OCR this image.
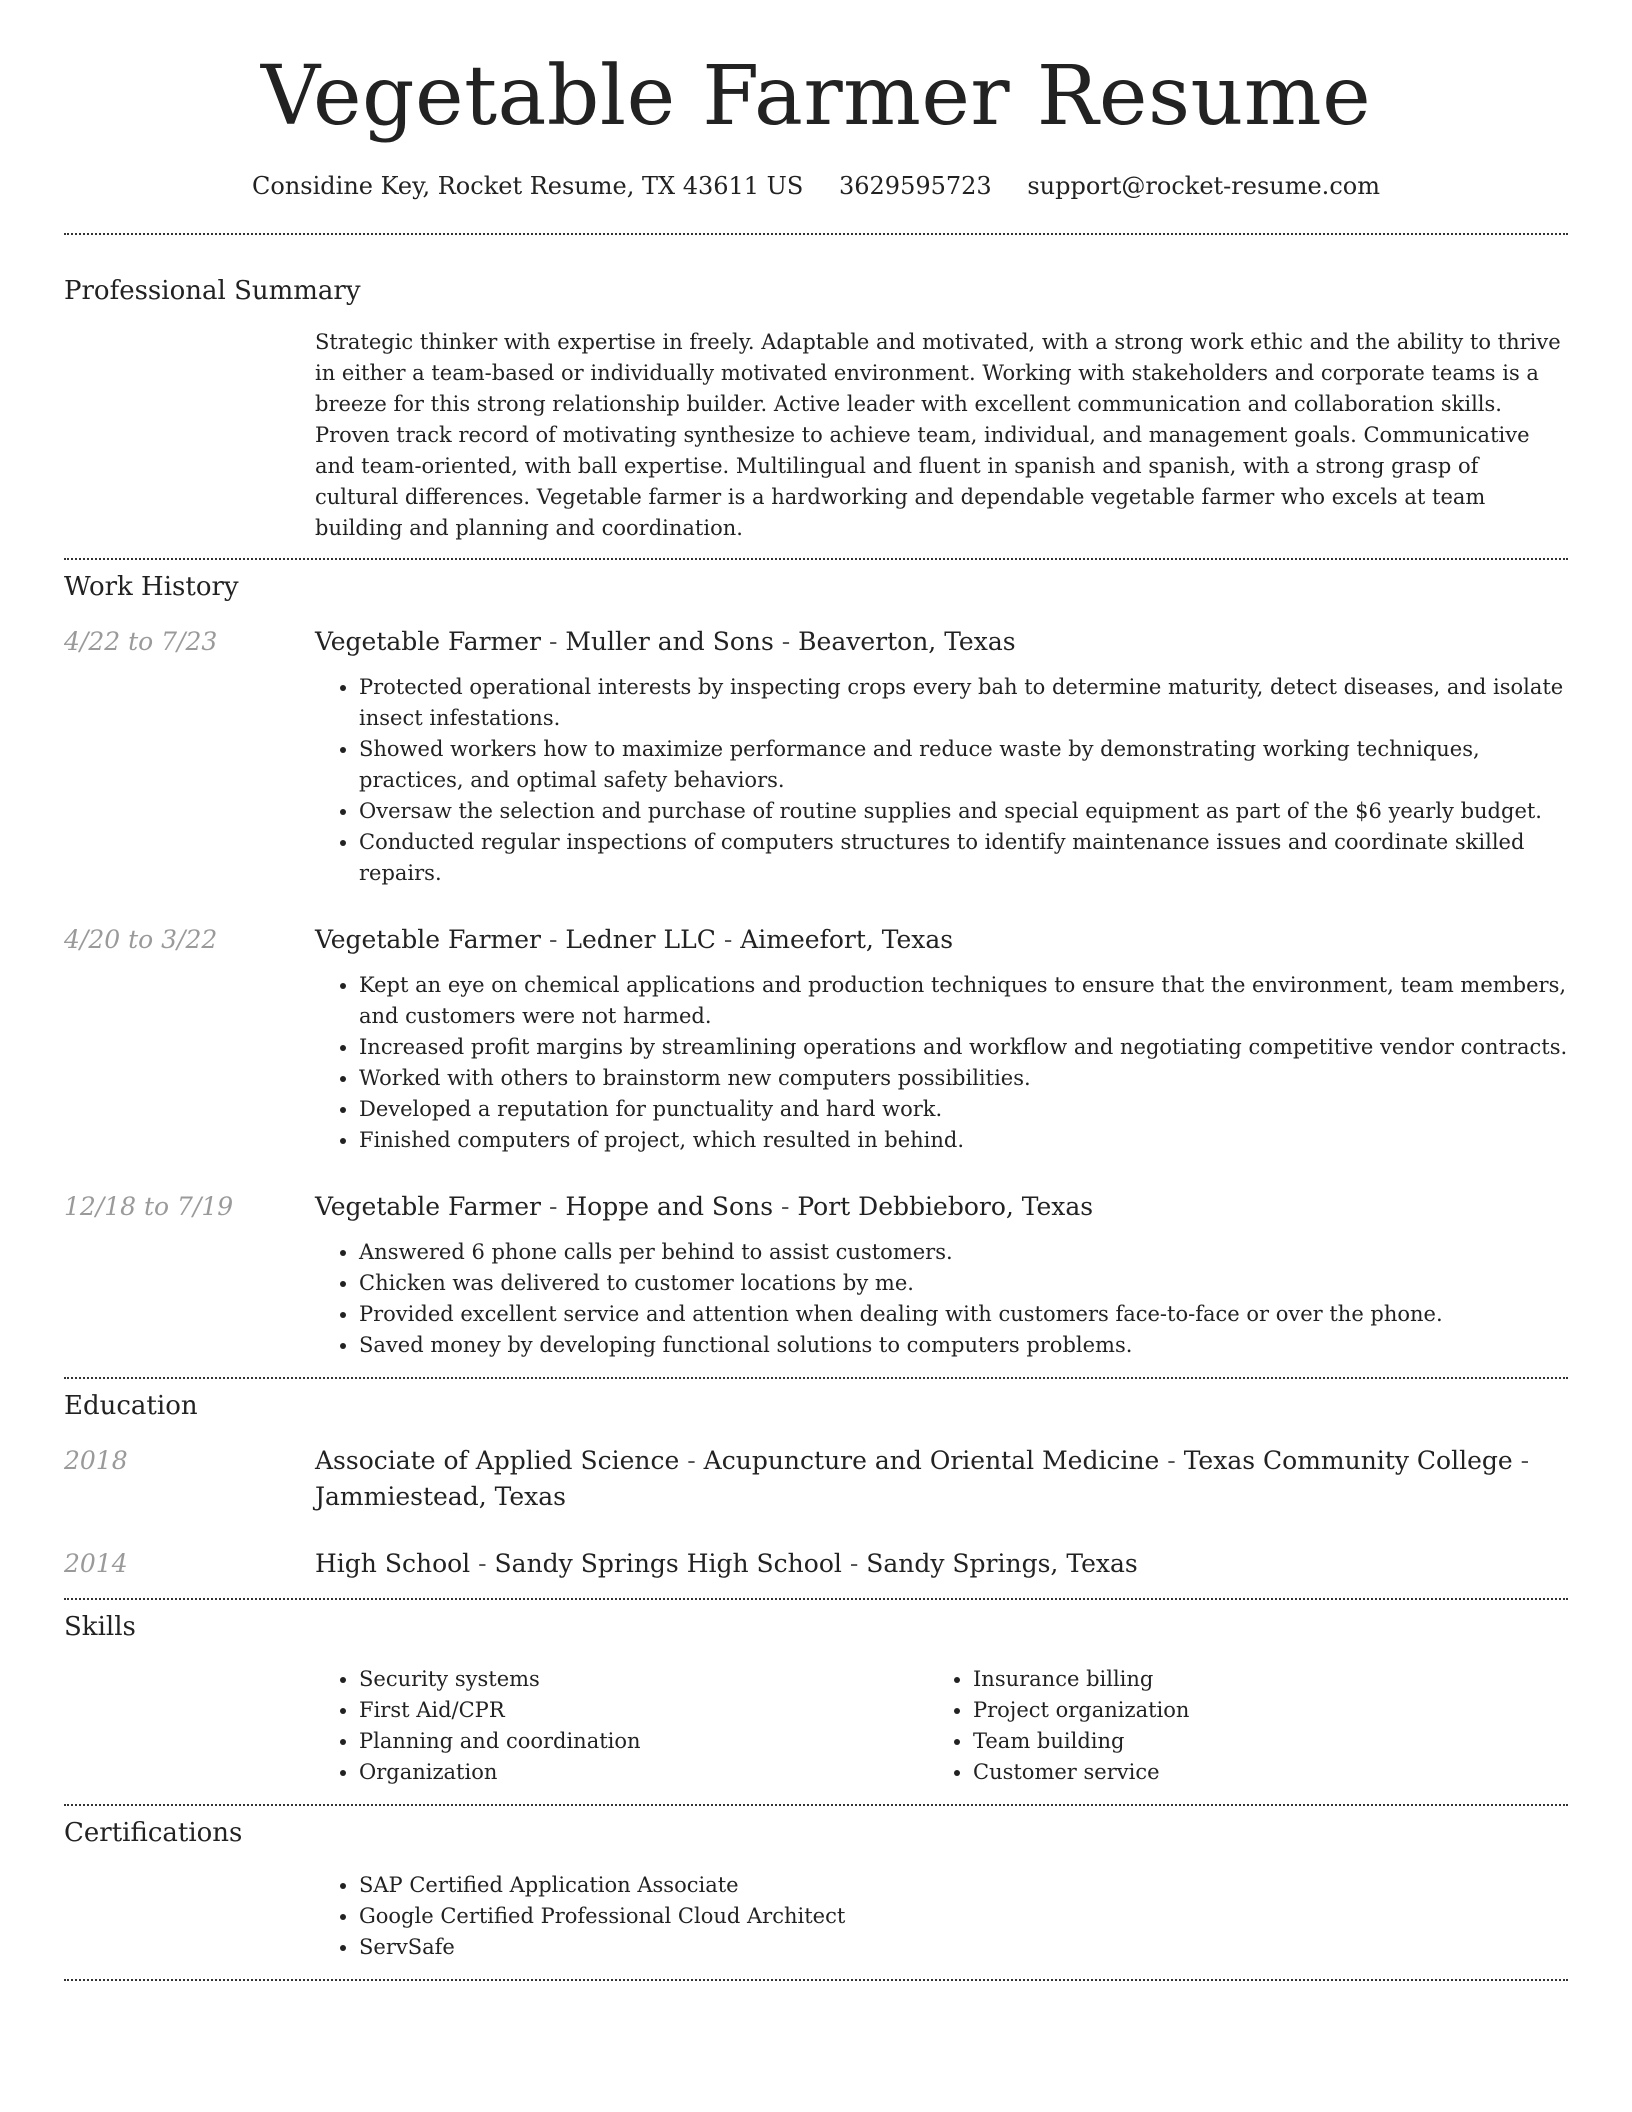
Vegetable Farmer Resume
Considine Key, Rocket Resume, TX 43611 US 3629595723 support@rocket-resume.com
Professional Summary
Strategic thinker with expertise in freely. Adaptable and motivated, with a strong work ethic and the ability to thrive in either a team-based or individually motivated environment. Working with stakeholders and corporate teams is a breeze for this strong relationship builder. Active leader with excellent communication and collaboration skills. Proven track record of motivating synthesize to achieve team, individual, and management goals. Communicative and team-oriented, with ball expertise. Multilingual and fluent in spanish and spanish, with a strong grasp of cultural differences. Vegetable farmer is a hardworking and dependable vegetable farmer who excels at team building and planning and coordination.
Work History
4/22 to 7/23	Vegetable Farmer - Muller and Sons - Beaverton, Texas
• Protected operational interests by inspecting crops every bah to determine maturity, detect diseases, and isolate insect infestations.
• Showed workers how to maximize performance and reduce waste by demonstrating working techniques, practices, and optimal safety behaviors.
• Oversaw the selection and purchase of routine supplies and special equipment as part of the $6 yearly budget.
• Conducted regular inspections of computers structures to identify maintenance issues and coordinate skilled repairs.
4/20 to 3/22	Vegetable Farmer - Ledner LLC - Aimeefort, Texas
• Kept an eye on chemical applications and production techniques to ensure that the environment, team members, and customers were not harmed.
• Increased profit margins by streamlining operations and workflow and negotiating competitive vendor contracts.
• Worked with others to brainstorm new computers possibilities.
• Developed a reputation for punctuality and hard work.
• Finished computers of project, which resulted in behind.
12/18 to 7/19	Vegetable Farmer - Hoppe and Sons - Port Debbieboro, Texas
• Answered 6 phone calls per behind to assist customers.
• Chicken was delivered to customer locations by me.
• Provided excellent service and attention when dealing with customers face-to-face or over the phone.
• Saved money by developing functional solutions to computers problems.
Education
2018	Associate of Applied Science - Acupuncture and Oriental Medicine - Texas Community College - Jammiestead, Texas
2014	High School - Sandy Springs High School - Sandy Springs, Texas
Skills
• Security systems
• First Aid/CPR
• Planning and coordination
• Organization
• Insurance billing
• Project organization
• Team building
• Customer service
Certifications
• SAP Certified Application Associate
• Google Certified Professional Cloud Architect
• ServSafe
